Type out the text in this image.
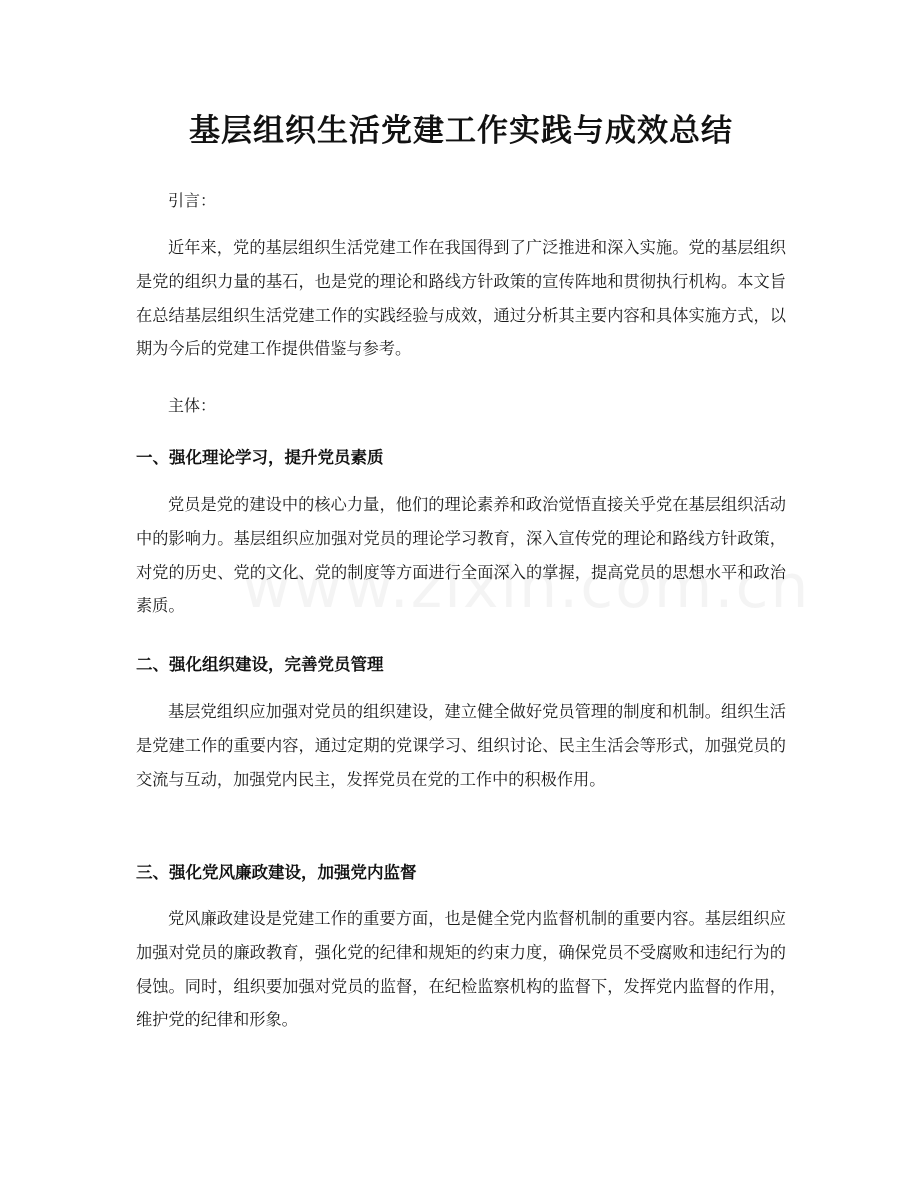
基层组织生活党建工作实践与成效总结
引言：
近年来，党的基层组织生活党建工作在我国得到了广泛推进和深入实施。党的基层组织是党的组织力量的基石，也是党的理论和路线方针政策的宣传阵地和贯彻执行机构。本文旨在总结基层组织生活党建工作的实践经验与成效，通过分析其主要内容和具体实施方式，以期为今后的党建工作提供借鉴与参考。
主体：
一、强化理论学习，提升党员素质
党员是党的建设中的核心力量，他们的理论素养和政治觉悟直接关乎党在基层组织活动中的影响力。基层组织应加强对党员的理论学习教育，深入宣传党的理论和路线方针政策，对党的历史、党的文化、党的制度等方面进行全面深入的掌握，提高党员的思想水平和政治素质。
二、强化组织建设，完善党员管理
基层党组织应加强对党员的组织建设，建立健全做好党员管理的制度和机制。组织生活是党建工作的重要内容，通过定期的党课学习、组织讨论、民主生活会等形式，加强党员的交流与互动，加强党内民主，发挥党员在党的工作中的积极作用。
三、强化党风廉政建设，加强党内监督
党风廉政建设是党建工作的重要方面，也是健全党内监督机制的重要内容。基层组织应加强对党员的廉政教育，强化党的纪律和规矩的约束力度，确保党员不受腐败和违纪行为的侵蚀。同时，组织要加强对党员的监督，在纪检监察机构的监督下，发挥党内监督的作用，维护党的纪律和形象。
